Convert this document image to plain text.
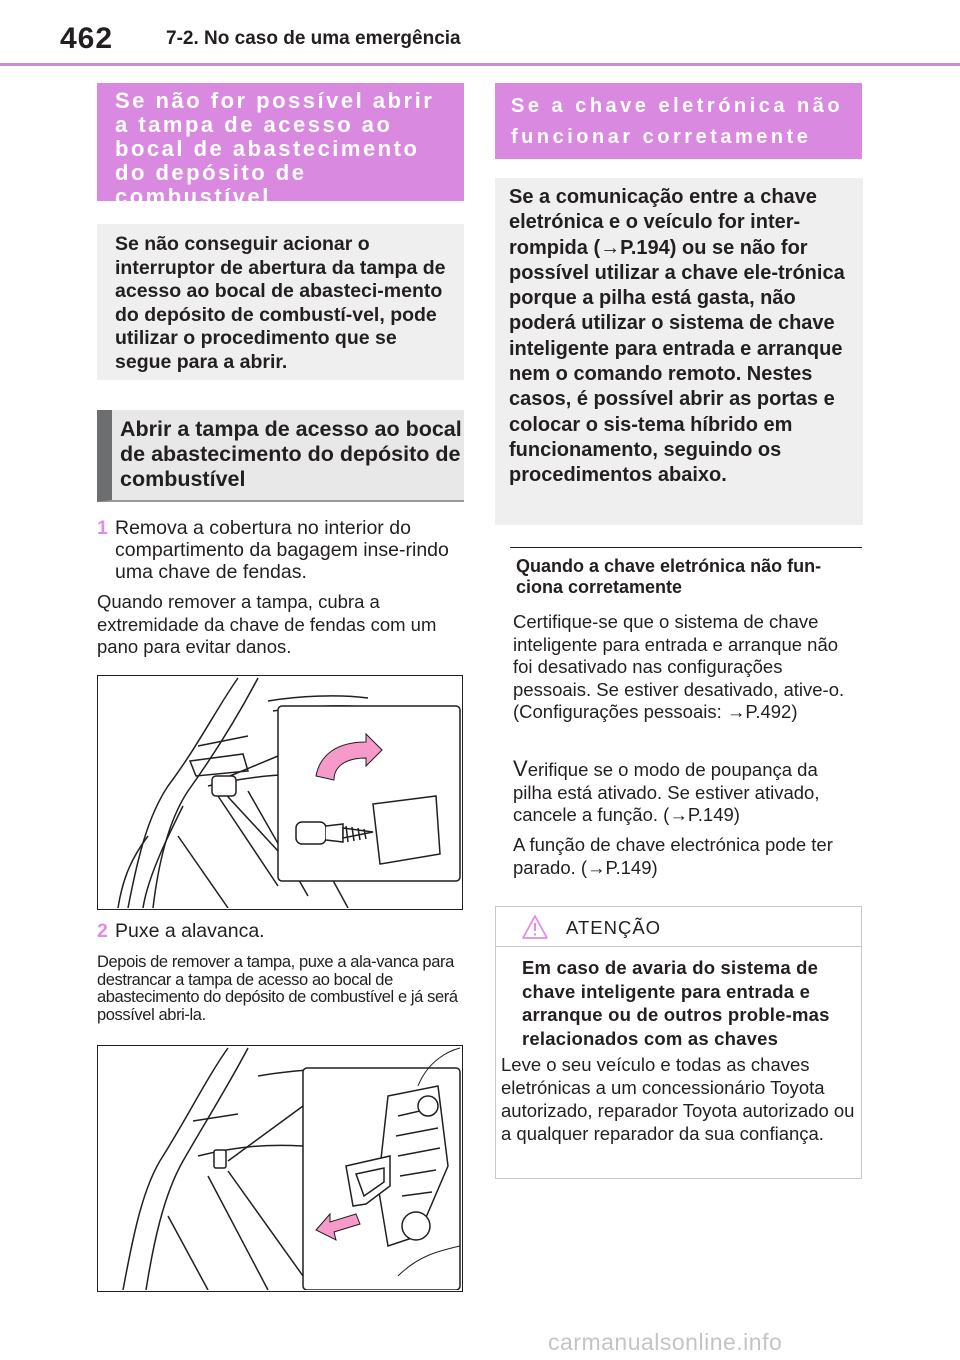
462	7-2. No caso de uma emergência
Se não for possível abrir a tampa de acesso ao bocal de abastecimento do depósito de combustível
Se não conseguir acionar o interruptor de abertura da tampa de acesso ao bocal de abasteci-mento do depósito de combustí-vel, pode utilizar o procedimento que se segue para a abrir.
Abrir a tampa de acesso ao bocal de abastecimento do depósito de combustível
1 Remova a cobertura no interior do compartimento da bagagem inse-rindo uma chave de fendas.
Quando remover a tampa, cubra a extremidade da chave de fendas com um pano para evitar danos.
2 Puxe a alavanca.
Depois de remover a tampa, puxe a ala-vanca para destrancar a tampa de acesso ao bocal de abastecimento do depósito de combustível e já será possível abri-la.
Se a chave eletrónica não funcionar corretamente
Se a comunicação entre a chave eletrónica e o veículo for inter-rompida (→P.194) ou se não for possível utilizar a chave ele-trónica porque a pilha está gasta, não poderá utilizar o sistema de chave inteligente para entrada e arranque nem o comando remoto. Nestes casos, é possível abrir as portas e colocar o sis-tema híbrido em funcionamento, seguindo os procedimentos abaixo.
Quando a chave eletrónica não fun-ciona corretamente
Certifique-se que o sistema de chave inteligente para entrada e arranque não foi desativado nas configurações pessoais. Se estiver desativado, ative-o. (Configurações pessoais: →P.492)
Verifique se o modo de poupança da pilha está ativado. Se estiver ativado, cancele a função. (→P.149)
A função de chave electrónica pode ter parado. (→P.149)
ATENÇÃO
Em caso de avaria do sistema de chave inteligente para entrada e arranque ou de outros proble-mas relacionados com as chaves
Leve o seu veículo e todas as chaves eletrónicas a um concessionário Toyota autorizado, reparador Toyota autorizado ou a qualquer reparador da sua confiança.
carmanualsonline.info
